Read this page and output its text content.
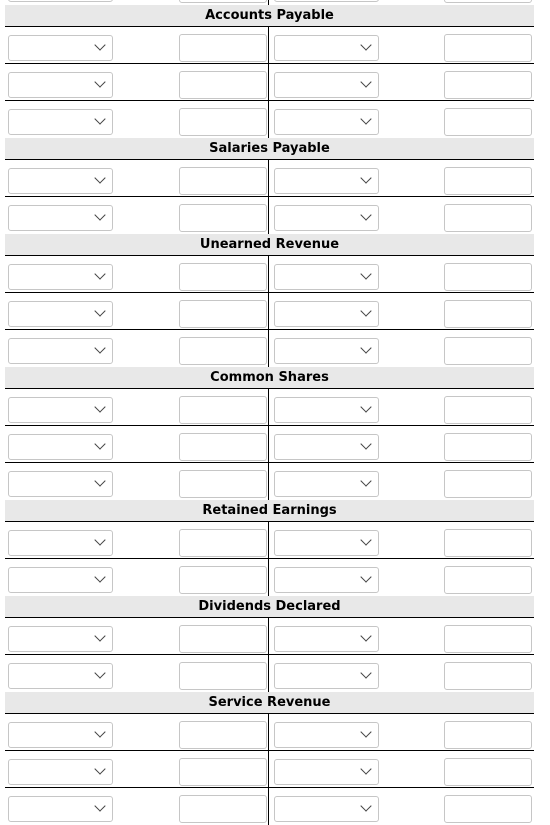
Accounts Payable
Salaries Payable
Unearned Revenue
Common Shares
Retained Earnings
Dividends Declared
Service Revenue
